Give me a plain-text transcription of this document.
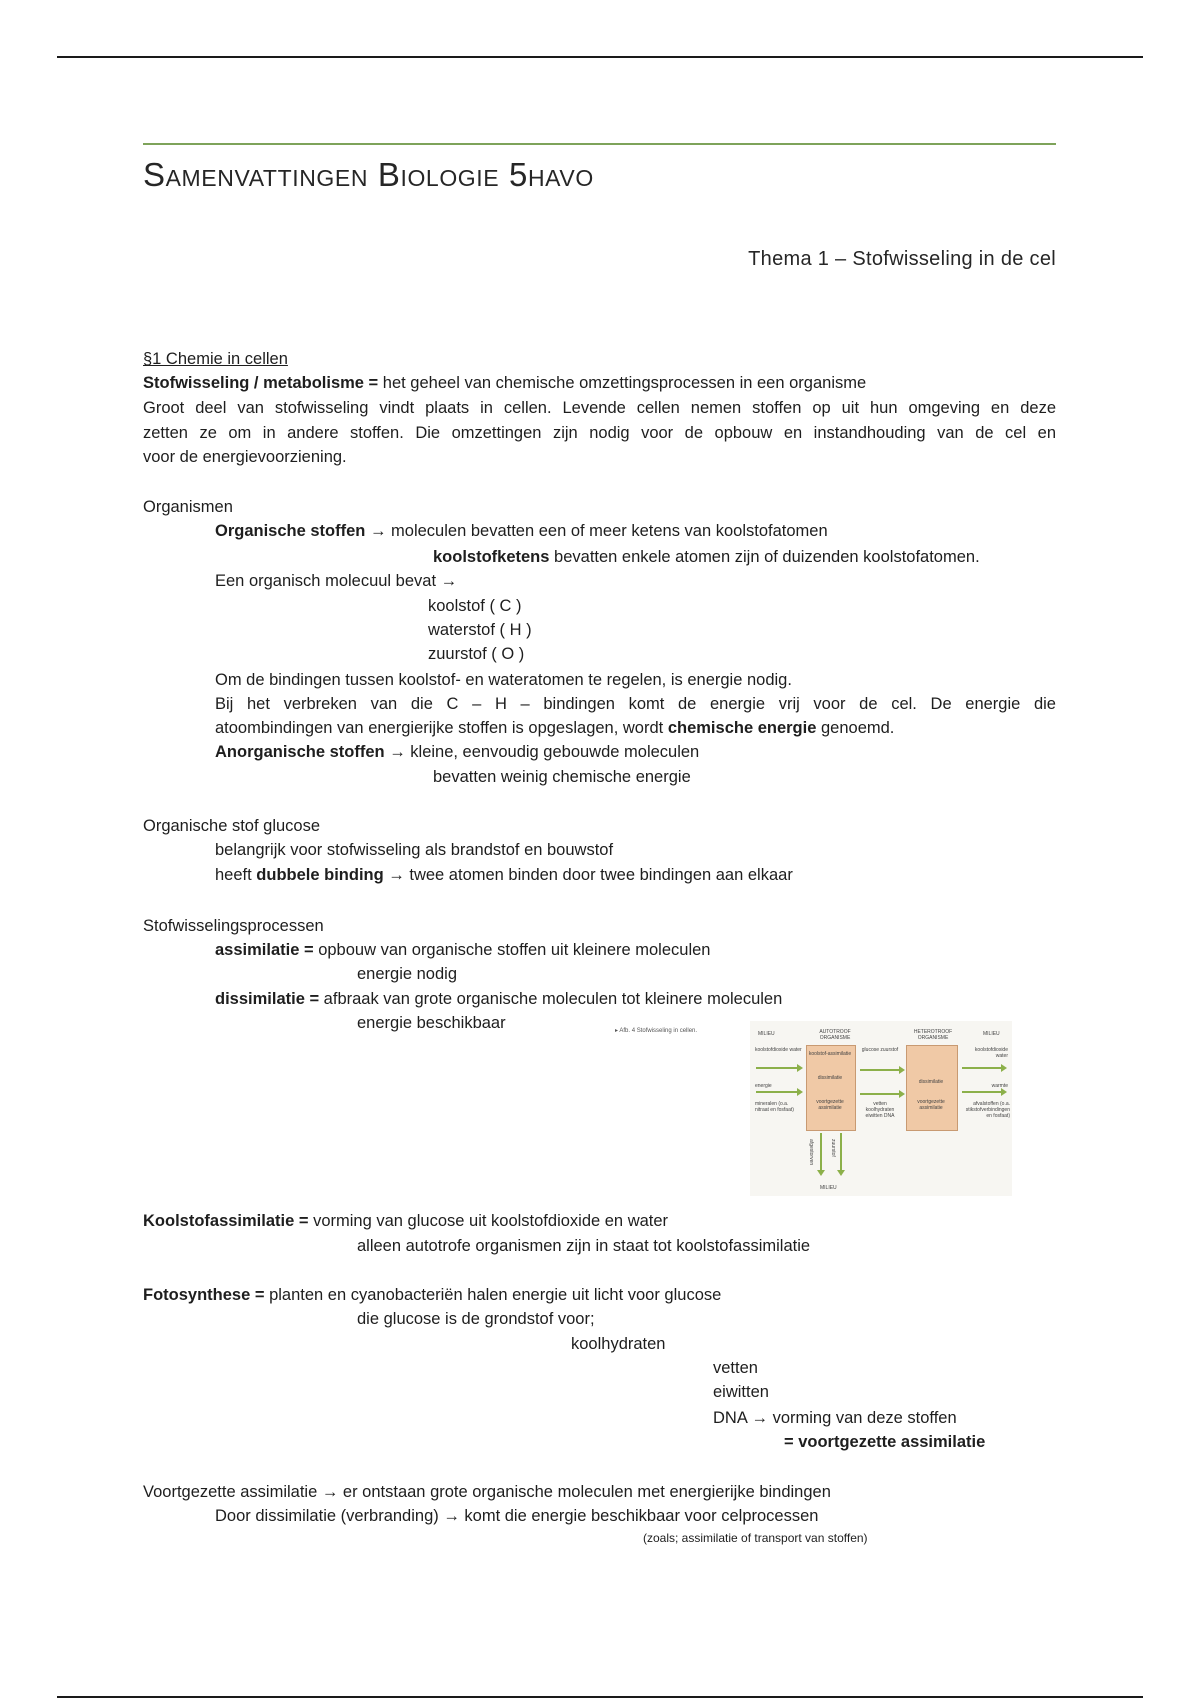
Samenvattingen Biologie 5havo
Thema 1 – Stofwisseling in de cel
§1 Chemie in cellen
Stofwisseling / metabolisme = het geheel van chemische omzettingsprocessen in een organisme
Groot deel van stofwisseling vindt plaats in cellen. Levende cellen nemen stoffen op uit hun omgeving en deze
zetten ze om in andere stoffen. Die omzettingen zijn nodig voor de opbouw en instandhouding van de cel en
voor de energievoorziening.
Organismen
Organische stoffen → moleculen bevatten een of meer ketens van koolstofatomen
koolstofketens bevatten enkele atomen zijn of duizenden koolstofatomen.
Een organisch molecuul bevat →
koolstof ( C )
waterstof ( H )
zuurstof ( O )
Om de bindingen tussen koolstof- en wateratomen te regelen, is energie nodig.
Bij het verbreken van die C – H – bindingen komt de energie vrij voor de cel. De energie die
atoombindingen van energierijke stoffen is opgeslagen, wordt chemische energie genoemd.
Anorganische stoffen → kleine, eenvoudig gebouwde moleculen
bevatten weinig chemische energie
Organische stof glucose
belangrijk voor stofwisseling als brandstof en bouwstof
heeft dubbele binding → twee atomen binden door twee bindingen aan elkaar
Stofwisselingsprocessen
assimilatie = opbouw van organische stoffen uit kleinere moleculen
energie nodig
dissimilatie = afbraak van grote organische moleculen tot kleinere moleculen
energie beschikbaar	▸ Afb. 4 Stofwisseling in cellen.	MILIEU	AUTOTROOF ORGANISME
HETEROTROOF ORGANISME
MILIEU
koolstofdioxide water
energie
mineralen (o.a. nitraat en fosfaat)
koolstof-assimilatie
dissimilatie
voortgezette assimilatie
glucose zuurstof
vetten koolhydraten eiwitten DNA
dissimilatie
voortgezette assimilatie
koolstofdioxide water
warmte
afvalstoffen (o.a. stikstofverbindingen en fosfaat)
afgestorven	zuurstof
MILIEU
Koolstofassimilatie = vorming van glucose uit koolstofdioxide en water
alleen autotrofe organismen zijn in staat tot koolstofassimilatie
Fotosynthese = planten en cyanobacteriën halen energie uit licht voor glucose
die glucose is de grondstof voor;
koolhydraten
vetten
eiwitten
DNA → vorming van deze stoffen
= voortgezette assimilatie
Voortgezette assimilatie → er ontstaan grote organische moleculen met energierijke bindingen
Door dissimilatie (verbranding) → komt die energie beschikbaar voor celprocessen
(zoals; assimilatie of transport van stoffen)
